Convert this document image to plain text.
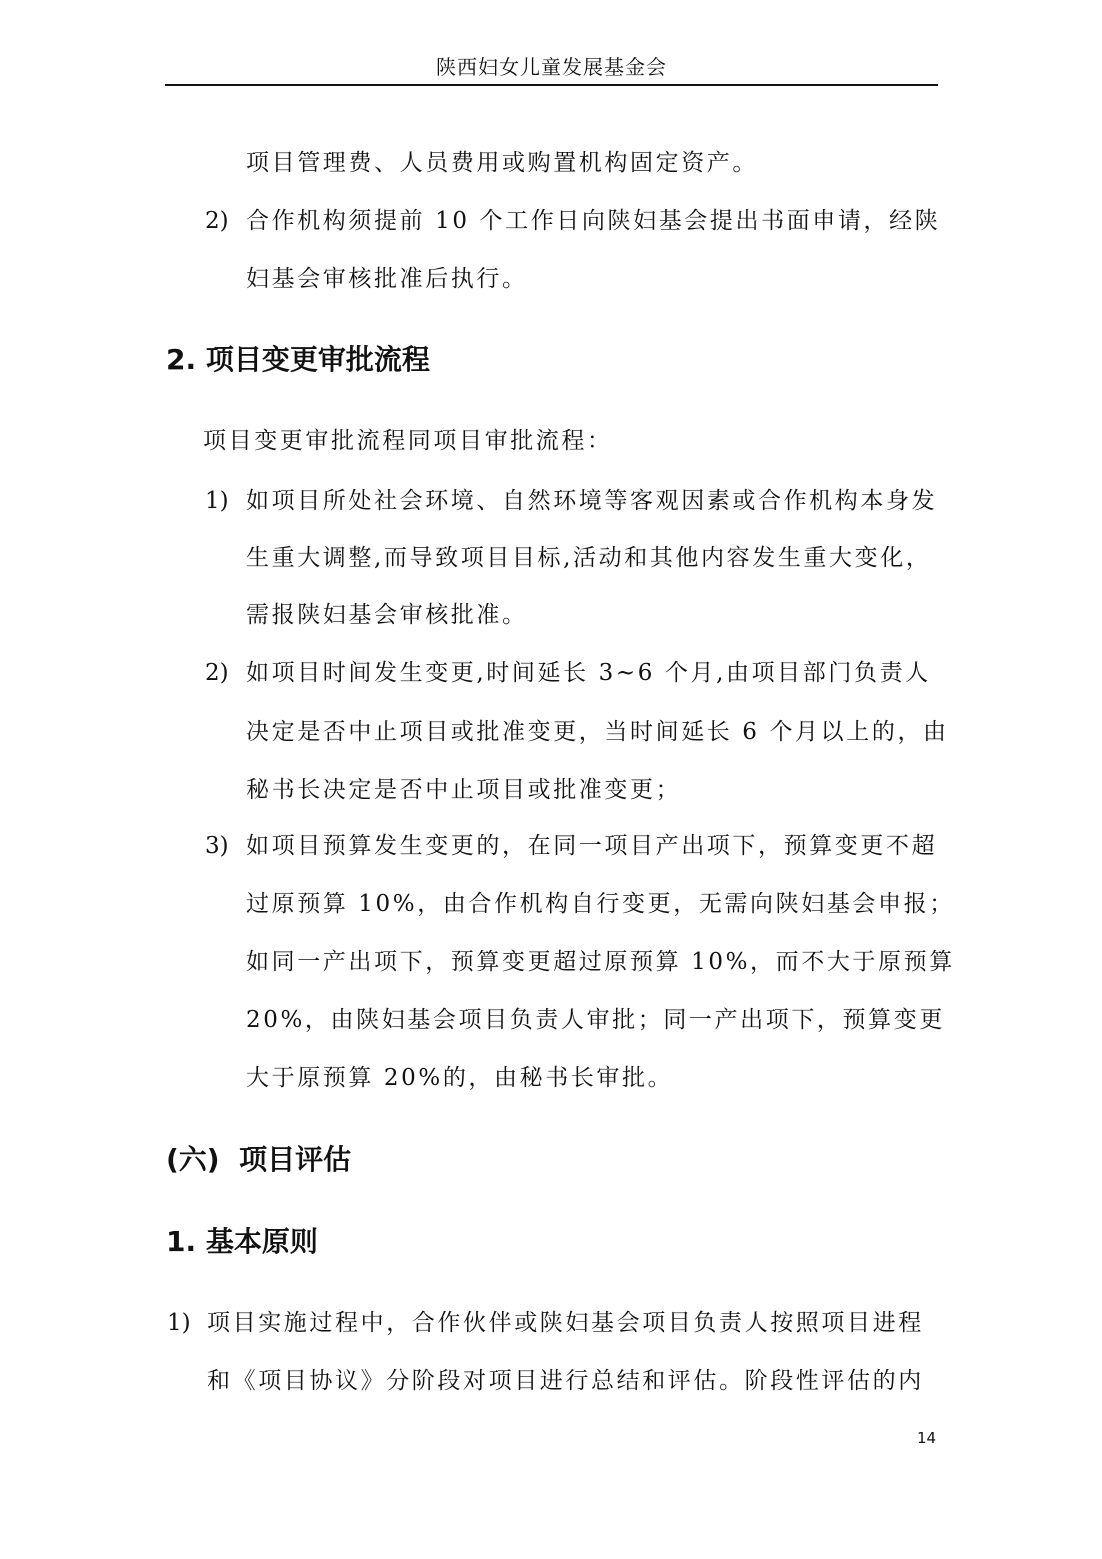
陕西妇女儿童发展基金会
项目管理费、人员费用或购置机构固定资产。
2) 合作机构须提前 10 个工作日向陕妇基会提出书面申请，经陕
妇基会审核批准后执行。
2. 项目变更审批流程
项目变更审批流程同项目审批流程：
1) 如项目所处社会环境、自然环境等客观因素或合作机构本身发
生重大调整,而导致项目目标,活动和其他内容发生重大变化，
需报陕妇基会审核批准。
2) 如项目时间发生变更,时间延长 3~6 个月,由项目部门负责人
决定是否中止项目或批准变更，当时间延长 6 个月以上的，由
秘书长决定是否中止项目或批准变更；
3) 如项目预算发生变更的，在同一项目产出项下，预算变更不超
过原预算 10%，由合作机构自行变更，无需向陕妇基会申报；
如同一产出项下，预算变更超过原预算 10%，而不大于原预算
20%，由陕妇基会项目负责人审批；同一产出项下，预算变更
大于原预算 20%的，由秘书长审批。
(六)  项目评估
1. 基本原则
1) 项目实施过程中，合作伙伴或陕妇基会项目负责人按照项目进程
和《项目协议》分阶段对项目进行总结和评估。阶段性评估的内
14
